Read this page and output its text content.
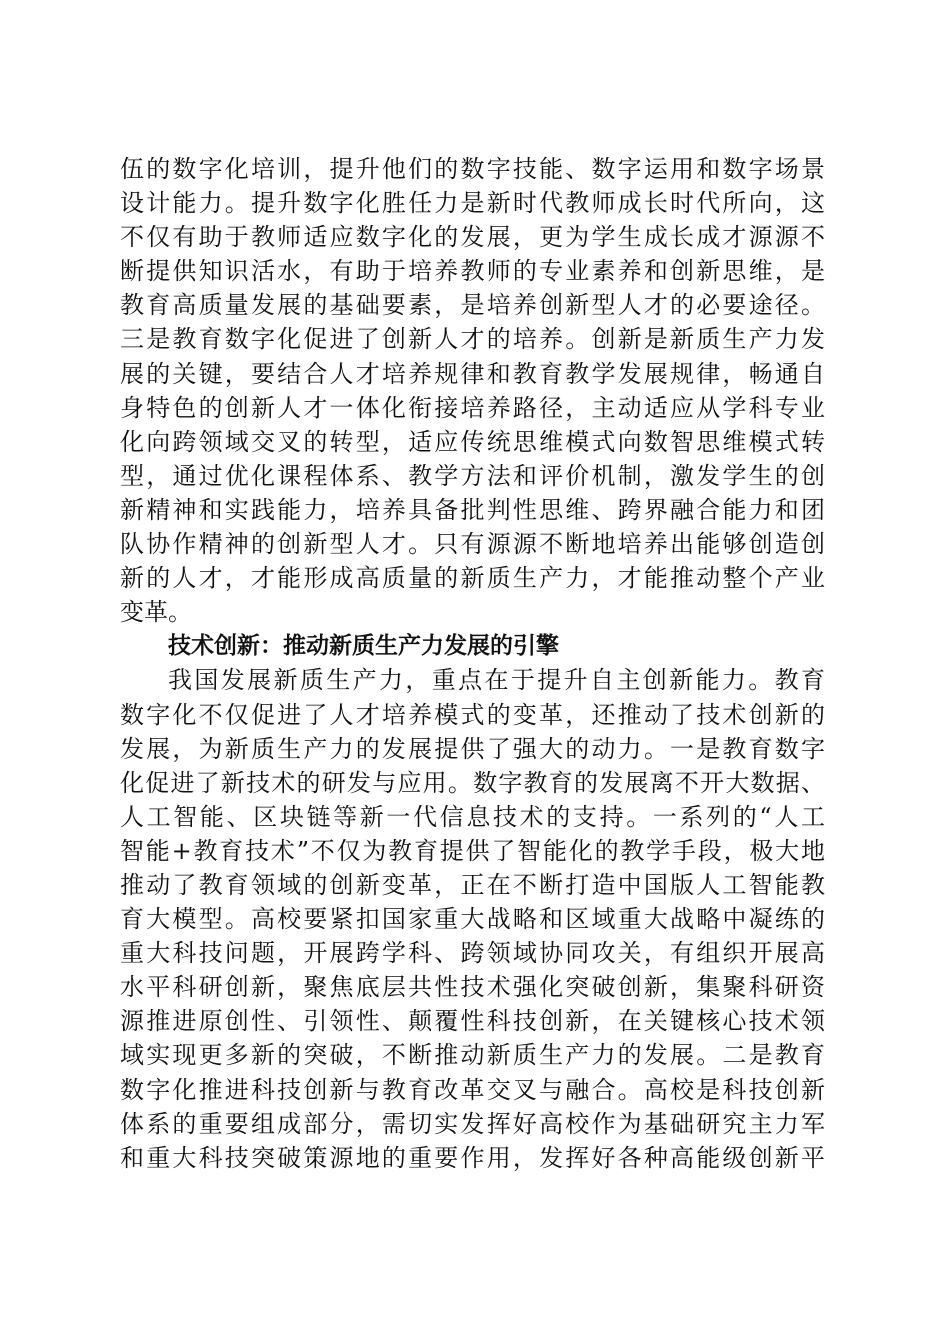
伍的数字化培训，提升他们的数字技能、数字运用和数字场景
设计能力。提升数字化胜任力是新时代教师成长时代所向，这
不仅有助于教师适应数字化的发展，更为学生成长成才源源不
断提供知识活水，有助于培养教师的专业素养和创新思维，是
教育高质量发展的基础要素，是培养创新型人才的必要途径。
三是教育数字化促进了创新人才的培养。创新是新质生产力发
展的关键，要结合人才培养规律和教育教学发展规律，畅通自
身特色的创新人才一体化衔接培养路径，主动适应从学科专业
化向跨领域交叉的转型，适应传统思维模式向数智思维模式转
型，通过优化课程体系、教学方法和评价机制，激发学生的创
新精神和实践能力，培养具备批判性思维、跨界融合能力和团
队协作精神的创新型人才。只有源源不断地培养出能够创造创
新的人才，才能形成高质量的新质生产力，才能推动整个产业
变革。
技术创新：推动新质生产力发展的引擎
我国发展新质生产力，重点在于提升自主创新能力。教育
数字化不仅促进了人才培养模式的变革，还推动了技术创新的
发展，为新质生产力的发展提供了强大的动力。一是教育数字
化促进了新技术的研发与应用。数字教育的发展离不开大数据、
人工智能、区块链等新一代信息技术的支持。一系列的“人工
智能+教育技术”不仅为教育提供了智能化的教学手段，极大地
推动了教育领域的创新变革，正在不断打造中国版人工智能教
育大模型。高校要紧扣国家重大战略和区域重大战略中凝练的
重大科技问题，开展跨学科、跨领域协同攻关，有组织开展高
水平科研创新，聚焦底层共性技术强化突破创新，集聚科研资
源推进原创性、引领性、颠覆性科技创新，在关键核心技术领
域实现更多新的突破，不断推动新质生产力的发展。二是教育
数字化推进科技创新与教育改革交叉与融合。高校是科技创新
体系的重要组成部分，需切实发挥好高校作为基础研究主力军
和重大科技突破策源地的重要作用，发挥好各种高能级创新平
